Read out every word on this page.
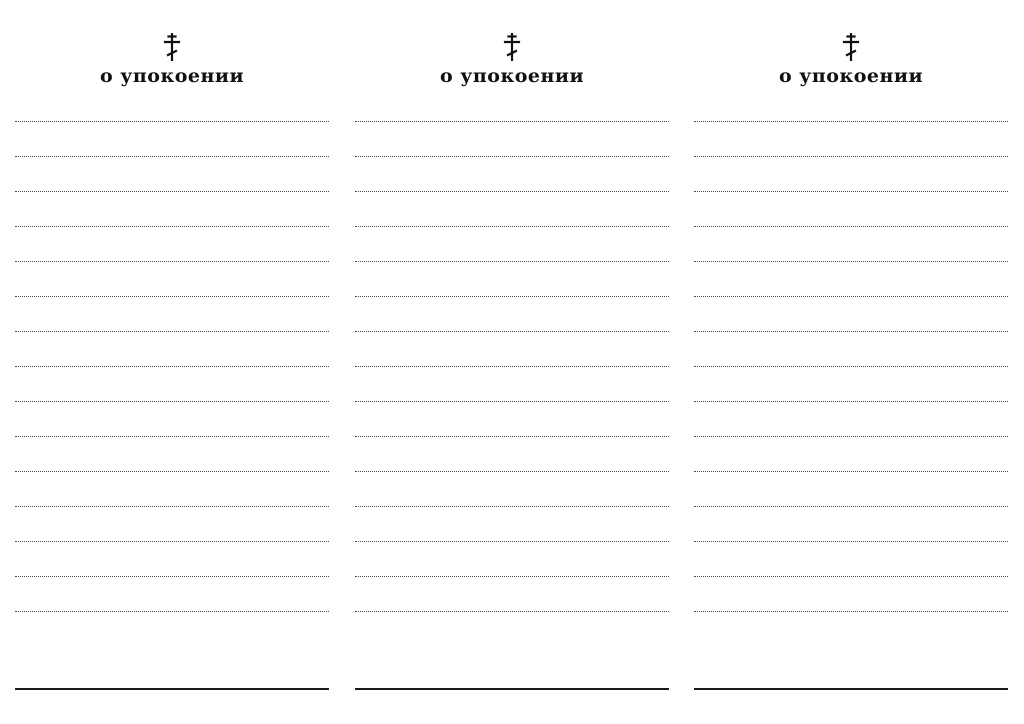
о упокоении	о упокоении	о упокоении
